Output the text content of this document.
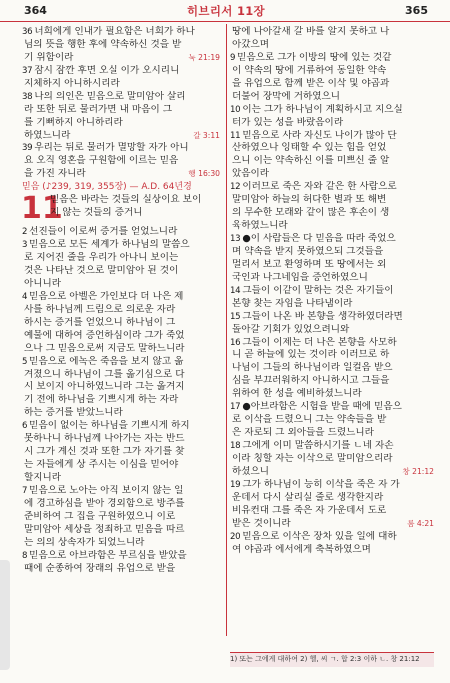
364	히브리서 11장	365
36 너희에게 인내가 필요함은 너희가 하나
님의 뜻을 행한 후에 약속하신 것을 받
눅 21:19
기 위함이라
37 잠시 잠깐 후면 오실 이가 오시리니
지체하지 아니하시리라
38 나의 의인은 믿음으로 말미암아 살리
라 또한 뒤로 물러가면 내 마음이 그
를 기뻐하지 아니하리라
갈 3:11
하였느니라
39 우리는 뒤로 물러가 멸망할 자가 아니
요 오직 영혼을 구원함에 이르는 믿음
행 16:30
을 가진 자니라
믿음 (♪239, 319, 355장) — A.D. 64년경
11
믿음은 바라는 것들의 실상이요 보이
지 않는 것들의 증거니
2 선진들이 이로써 증거를 얻었느니라
3 믿음으로 모든 세계가 하나님의 말씀으
로 지어진 줄을 우리가 아나니 보이는
것은 나타난 것으로 말미암아 된 것이
아니니라
4 믿음으로 아벨은 가인보다 더 나은 제
사를 하나님께 드림으로 의로운 자라
하시는 증거를 얻었으니 하나님이 그
예물에 대하여 증언하심이라 그가 죽었
으나 그 믿음으로써 지금도 말하느니라
5 믿음으로 에녹은 죽음을 보지 않고 옮
겨졌으니 하나님이 그를 옮기심으로 다
시 보이지 아니하였느니라 그는 옮겨지
기 전에 하나님을 기쁘시게 하는 자라
하는 증거를 받았느니라
6 믿음이 없이는 하나님을 기쁘시게 하지
못하나니 하나님께 나아가는 자는 반드
시 그가 계신 것과 또한 그가 자기를 찾
는 자들에게 상 주시는 이심을 믿어야
할지니라
7 믿음으로 노아는 아직 보이지 않는 일
에 경고하심을 받아 경외함으로 방주를
준비하여 그 집을 구원하였으니 이로
말미암아 세상을 정죄하고 믿음을 따르
는 의의 상속자가 되었느니라
8 믿음으로 아브라함은 부르심을 받았을
때에 순종하여 장래의 유업으로 받을
땅에 나아갈새 갈 바를 알지 못하고 나
아갔으며
9 믿음으로 그가 이방의 땅에 있는 것같
이 약속의 땅에 거류하여 동일한 약속
을 유업으로 함께 받은 이삭 및 야곱과
더불어 장막에 거하였으니
10 이는 그가 하나님이 계획하시고 지으실
터가 있는 성을 바랐음이라
11 믿음으로 사라 자신도 나이가 많아 단
산하였으나 잉태할 수 있는 힘을 얻었
으니 이는 약속하신 이를 미쁘신 줄 알
았음이라
12 이러므로 죽은 자와 같은 한 사람으로
말미암아 하늘의 허다한 별과 또 해변
의 무수한 모래와 같이 많은 후손이 생
육하였느니라
13 ●이 사람들은 다 믿음을 따라 죽었으
며 약속을 받지 못하였으되 그것들을
멀리서 보고 환영하며 또 땅에서는 외
국인과 나그네임을 증언하였으니
14 그들이 이같이 말하는 것은 자기들이
본향 찾는 자임을 나타냄이라
15 그들이 나온 바 본향을 생각하였더라면
돌아갈 기회가 있었으려니와
16 그들이 이제는 더 나은 본향을 사모하
니 곧 하늘에 있는 것이라 이러므로 하
나님이 그들의 하나님이라 일컬음 받으
심을 부끄러워하지 아니하시고 그들을
위하여 한 성을 예비하셨느니라
17 ●아브라함은 시험을 받을 때에 믿음으
로 이삭을 드렸으니 그는 약속들을 받
은 자로되 그 외아들을 드렸느니라
18 그에게 이미 말씀하시기를 ㄴ네 자손
이라 칭할 자는 이삭으로 말미암으리라
창 21:12
하셨으니
19 그가 하나님이 능히 이삭을 죽은 자 가
운데서 다시 살리실 줄로 생각한지라
비유컨대 그를 죽은 자 가운데서 도로
롬 4:21
받은 것이니라
20 믿음으로 이삭은 장차 있을 일에 대하
여 야곱과 에서에게 축복하였으며
1) 또는 그에게 대하여 2) 헬, 씨 ㄱ. 합 2:3 이하 ㄴ. 창 21:12
